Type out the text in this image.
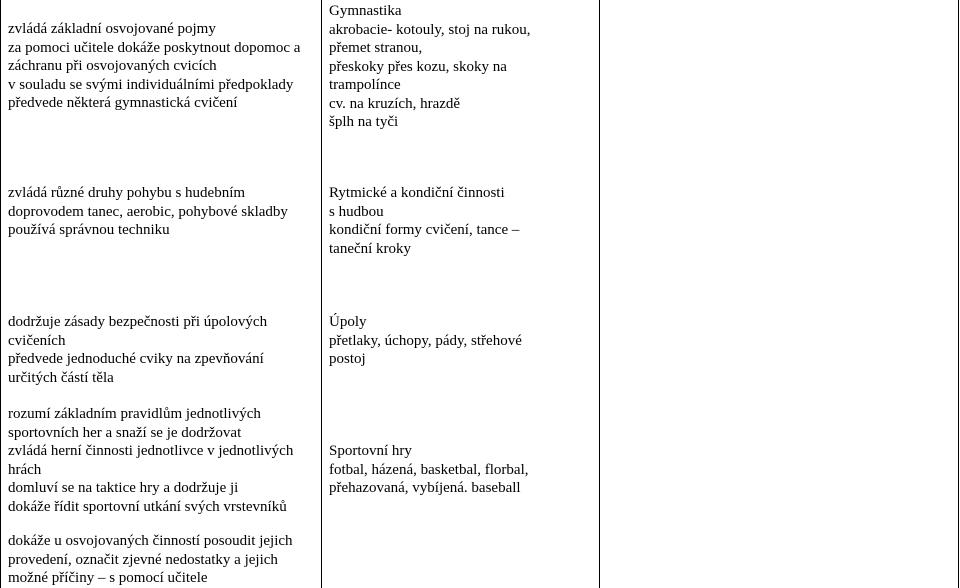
zvládá základní osvojované pojmy

za pomoci učitele dokáže poskytnout dopomoc a

záchranu při osvojovaných cvicích

v souladu se svými individuálními předpoklady

předvede některá gymnastická cvičení

Gymnastika

akrobacie- kotouly, stoj na rukou,

přemet stranou,

přeskoky přes kozu, skoky na

trampolínce

cv. na kruzích, hrazdě

šplh na tyči

zvládá různé druhy pohybu s hudebním

doprovodem tanec, aerobic, pohybové skladby

používá správnou techniku

Rytmické a kondiční činnosti

s hudbou

kondiční formy cvičení, tance –

taneční kroky

dodržuje zásady bezpečnosti při úpolových

cvičeních

předvede jednoduché cviky na zpevňování

určitých částí těla

Úpoly

přetlaky, úchopy, pády, střehové

postoj

rozumí základním pravidlům jednotlivých

sportovních her a snaží se je dodržovat

zvládá herní činnosti jednotlivce v jednotlivých

hrách

domluví se na taktice hry a dodržuje ji

dokáže řídit sportovní utkání svých vrstevníků

Sportovní hry

fotbal, házená, basketbal, florbal,

přehazovaná, vybíjená. baseball

dokáže u osvojovaných činností posoudit jejich

provedení, označit zjevné nedostatky a jejich

možné příčiny – s pomocí učitele
